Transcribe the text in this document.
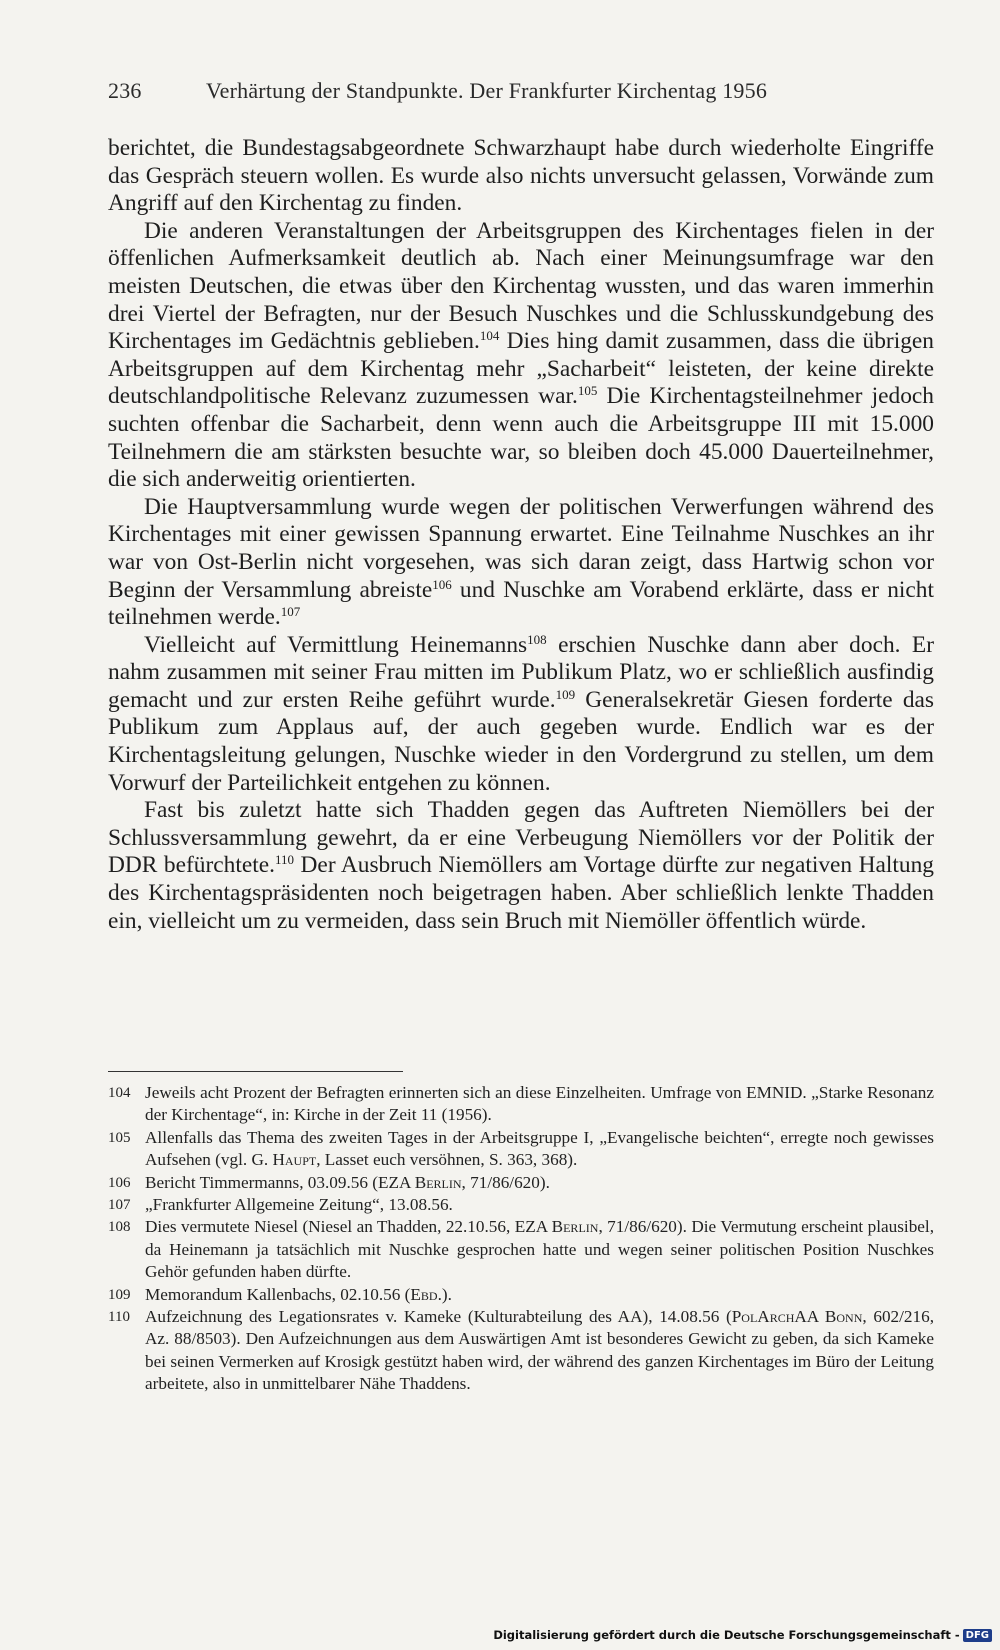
236	Verhärtung der Standpunkte. Der Frankfurter Kirchentag 1956

berichtet, die Bundestagsabgeordnete Schwarzhaupt habe durch wiederholte Eingriffe das Gespräch steuern wollen. Es wurde also nichts unversucht gelassen, Vorwände zum Angriff auf den Kirchentag zu finden.

Die anderen Veranstaltungen der Arbeitsgruppen des Kirchentages fielen in der öffenlichen Aufmerksamkeit deutlich ab. Nach einer Meinungsumfrage war den meisten Deutschen, die etwas über den Kirchentag wussten, und das waren immerhin drei Viertel der Befragten, nur der Besuch Nuschkes und die Schlusskundgebung des Kirchentages im Gedächtnis geblieben.$^{104}$ Dies hing damit zusammen, dass die übrigen Arbeitsgruppen auf dem Kirchentag mehr „Sacharbeit“ leisteten, der keine direkte deutschlandpolitische Relevanz zuzumessen war.$^{105}$ Die Kirchentagsteilnehmer jedoch suchten offenbar die Sacharbeit, denn wenn auch die Arbeitsgruppe III mit 15.000 Teilnehmern die am stärksten besuchte war, so bleiben doch 45.000 Dauerteilnehmer, die sich anderweitig orientierten.

Die Hauptversammlung wurde wegen der politischen Verwerfungen während des Kirchentages mit einer gewissen Spannung erwartet. Eine Teilnahme Nuschkes an ihr war von Ost-Berlin nicht vorgesehen, was sich daran zeigt, dass Hartwig schon vor Beginn der Versammlung abreiste$^{106}$ und Nuschke am Vorabend erklärte, dass er nicht teilnehmen werde.$^{107}$

Vielleicht auf Vermittlung Heinemanns$^{108}$ erschien Nuschke dann aber doch. Er nahm zusammen mit seiner Frau mitten im Publikum Platz, wo er schließlich ausfindig gemacht und zur ersten Reihe geführt wurde.$^{109}$ Generalsekretär Giesen forderte das Publikum zum Applaus auf, der auch gegeben wurde. Endlich war es der Kirchentagsleitung gelungen, Nuschke wieder in den Vordergrund zu stellen, um dem Vorwurf der Parteilichkeit entgehen zu können.

Fast bis zuletzt hatte sich Thadden gegen das Auftreten Niemöllers bei der Schlussversammlung gewehrt, da er eine Verbeugung Niemöllers vor der Politik der DDR befürchtete.$^{110}$ Der Ausbruch Niemöllers am Vortage dürfte zur negativen Haltung des Kirchentagspräsidenten noch beigetragen haben. Aber schließlich lenkte Thadden ein, vielleicht um zu vermeiden, dass sein Bruch mit Niemöller öffentlich würde.

104 Jeweils acht Prozent der Befragten erinnerten sich an diese Einzelheiten. Umfrage von EMNID. „Starke Resonanz der Kirchentage“, in: Kirche in der Zeit 11 (1956).
105 Allenfalls das Thema des zweiten Tages in der Arbeitsgruppe I, „Evangelische beichten“, erregte noch gewisses Aufsehen (vgl. G. Haupt, Lasset euch versöhnen, S. 363, 368).
106 Bericht Timmermanns, 03.09.56 (EZA Berlin, 71/86/620).
107 „Frankfurter Allgemeine Zeitung“, 13.08.56.
108 Dies vermutete Niesel (Niesel an Thadden, 22.10.56, EZA Berlin, 71/86/620). Die Vermutung erscheint plausibel, da Heinemann ja tatsächlich mit Nuschke gesprochen hatte und wegen seiner politischen Position Nuschkes Gehör gefunden haben dürfte.
109 Memorandum Kallenbachs, 02.10.56 (Ebd.).
110 Aufzeichnung des Legationsrates v. Kameke (Kulturabteilung des AA), 14.08.56 (PolArchAA Bonn, 602/216, Az. 88/8503). Den Aufzeichnungen aus dem Auswärtigen Amt ist besonderes Gewicht zu geben, da sich Kameke bei seinen Vermerken auf Krosigk gestützt haben wird, der während des ganzen Kirchentages im Büro der Leitung arbeitete, also in unmittelbarer Nähe Thaddens.
Digitalisierung gefördert durch die Deutsche Forschungsgemeinschaft - DFG
